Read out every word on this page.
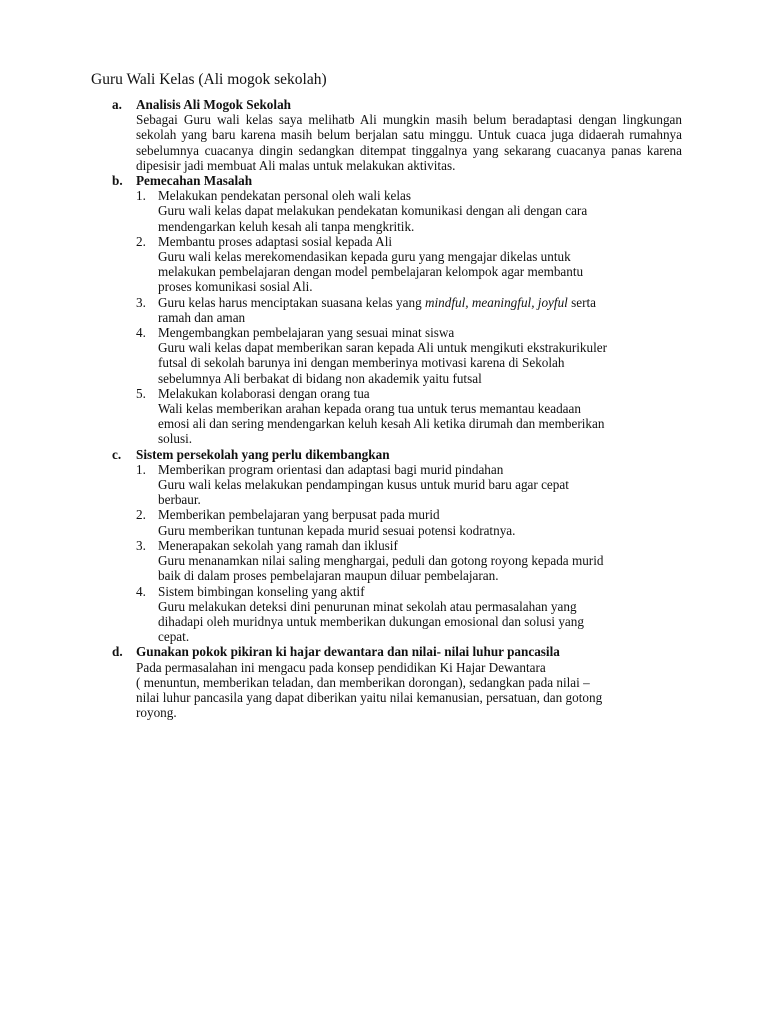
Guru Wali Kelas (Ali mogok sekolah)
a. Analisis Ali Mogok Sekolah
Sebagai Guru wali kelas saya melihatb Ali mungkin masih belum beradaptasi dengan lingkungan sekolah yang baru karena masih belum berjalan satu minggu. Untuk cuaca juga didaerah rumahnya sebelumnya cuacanya dingin sedangkan ditempat tinggalnya yang sekarang cuacanya panas karena dipesisir jadi membuat Ali malas untuk melakukan aktivitas.
b. Pemecahan Masalah
1. Melakukan pendekatan personal oleh wali kelas
Guru wali kelas dapat melakukan pendekatan komunikasi dengan ali dengan cara
mendengarkan keluh kesah ali tanpa mengkritik.
2. Membantu proses adaptasi sosial kepada Ali
Guru wali kelas merekomendasikan kepada guru yang mengajar dikelas untuk
melakukan pembelajaran dengan model pembelajaran kelompok agar membantu
proses komunikasi sosial Ali.
3. Guru kelas harus menciptakan suasana kelas yang mindful, meaningful, joyful serta
ramah dan aman
4. Mengembangkan pembelajaran yang sesuai minat siswa
Guru wali kelas dapat memberikan saran kepada Ali untuk mengikuti ekstrakurikuler
futsal di sekolah barunya ini dengan memberinya motivasi karena di Sekolah
sebelumnya Ali berbakat di bidang non akademik yaitu futsal
5. Melakukan kolaborasi dengan orang tua
Wali kelas memberikan arahan kepada orang tua untuk terus memantau keadaan
emosi ali dan sering mendengarkan keluh kesah Ali ketika dirumah dan memberikan
solusi.
c. Sistem persekolah yang perlu dikembangkan
1. Memberikan program orientasi dan adaptasi bagi murid pindahan
Guru wali kelas melakukan pendampingan kusus untuk murid baru agar cepat
berbaur.
2. Memberikan pembelajaran yang berpusat pada murid
Guru memberikan tuntunan kepada murid sesuai potensi kodratnya.
3. Menerapakan sekolah yang ramah dan iklusif
Guru menanamkan nilai saling menghargai, peduli dan gotong royong kepada murid
baik di dalam proses pembelajaran maupun diluar pembelajaran.
4. Sistem bimbingan konseling yang aktif
Guru melakukan deteksi dini penurunan minat sekolah atau permasalahan yang
dihadapi oleh muridnya untuk memberikan dukungan emosional dan solusi yang
cepat.
d. Gunakan pokok pikiran ki hajar dewantara dan nilai- nilai luhur pancasila
Pada permasalahan ini mengacu pada konsep pendidikan Ki Hajar Dewantara
( menuntun, memberikan teladan, dan memberikan dorongan), sedangkan pada nilai –
nilai luhur pancasila yang dapat diberikan yaitu nilai kemanusian, persatuan, dan gotong
royong.
